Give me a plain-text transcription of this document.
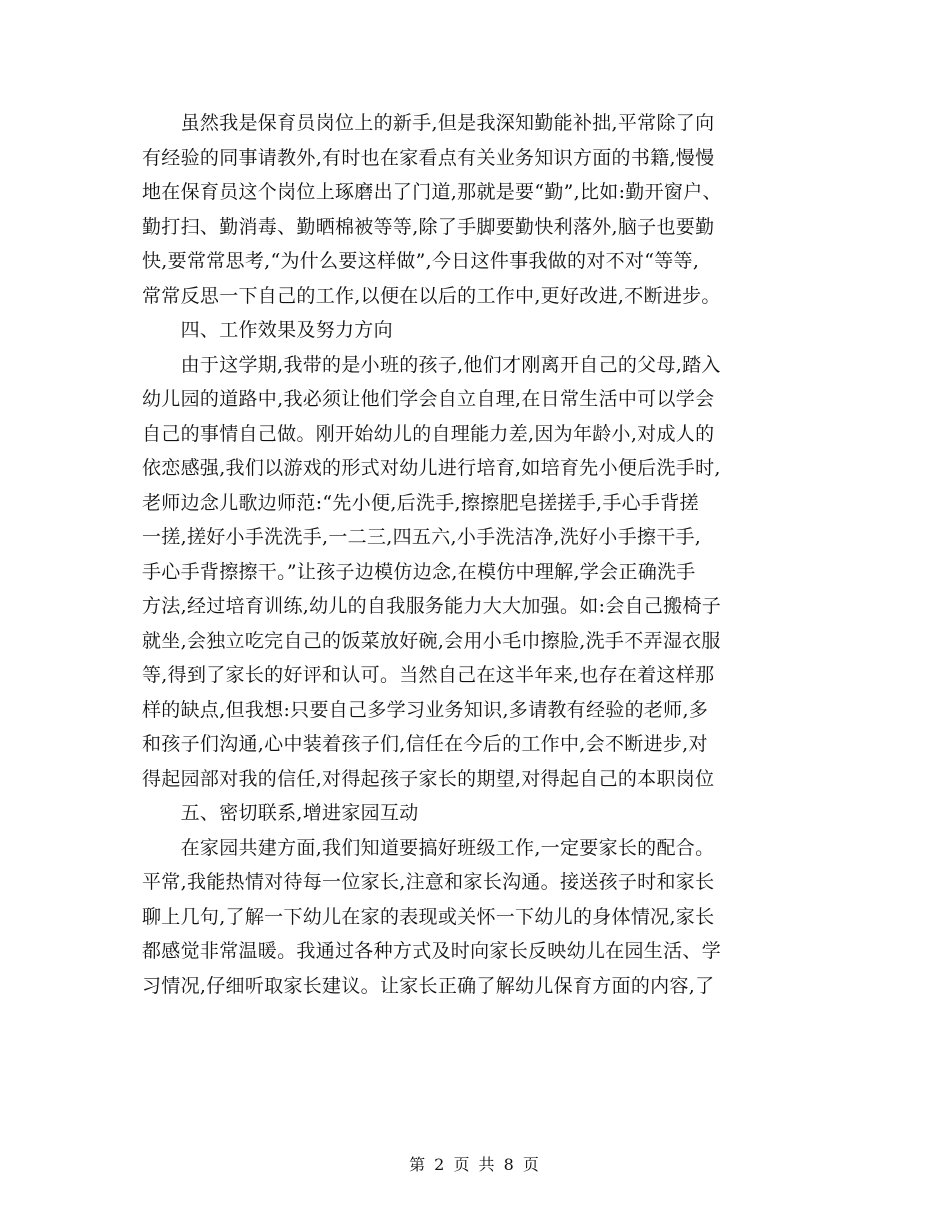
　　虽然我是保育员岗位上的新手,但是我深知勤能补拙,平常除了向
有经验的同事请教外,有时也在家看点有关业务知识方面的书籍,慢慢
地在保育员这个岗位上琢磨出了门道,那就是要“勤”,比如:勤开窗户、
勤打扫、勤消毒、勤晒棉被等等,除了手脚要勤快利落外,脑子也要勤
快,要常常思考,“为什么要这样做”,今日这件事我做的对不对“等等,
常常反思一下自己的工作,以便在以后的工作中,更好改进,不断进步。
　　四、工作效果及努力方向
　　由于这学期,我带的是小班的孩子,他们才刚离开自己的父母,踏入
幼儿园的道路中,我必须让他们学会自立自理,在日常生活中可以学会
自己的事情自己做。刚开始幼儿的自理能力差,因为年龄小,对成人的
依恋感强,我们以游戏的形式对幼儿进行培育,如培育先小便后洗手时,
老师边念儿歌边师范:“先小便,后洗手,擦擦肥皂搓搓手,手心手背搓
一搓,搓好小手洗洗手,一二三,四五六,小手洗洁净,洗好小手擦干手,
手心手背擦擦干。”让孩子边模仿边念,在模仿中理解,学会正确洗手
方法,经过培育训练,幼儿的自我服务能力大大加强。如:会自己搬椅子
就坐,会独立吃完自己的饭菜放好碗,会用小毛巾擦脸,洗手不弄湿衣服
等,得到了家长的好评和认可。当然自己在这半年来,也存在着这样那
样的缺点,但我想:只要自己多学习业务知识,多请教有经验的老师,多
和孩子们沟通,心中装着孩子们,信任在今后的工作中,会不断进步,对
得起园部对我的信任,对得起孩子家长的期望,对得起自己的本职岗位
　　五、密切联系,增进家园互动
　　在家园共建方面,我们知道要搞好班级工作,一定要家长的配合。
平常,我能热情对待每一位家长,注意和家长沟通。接送孩子时和家长
聊上几句,了解一下幼儿在家的表现或关怀一下幼儿的身体情况,家长
都感觉非常温暖。我通过各种方式及时向家长反映幼儿在园生活、学
习情况,仔细听取家长建议。让家长正确了解幼儿保育方面的内容,了
第 2 页 共 8 页
